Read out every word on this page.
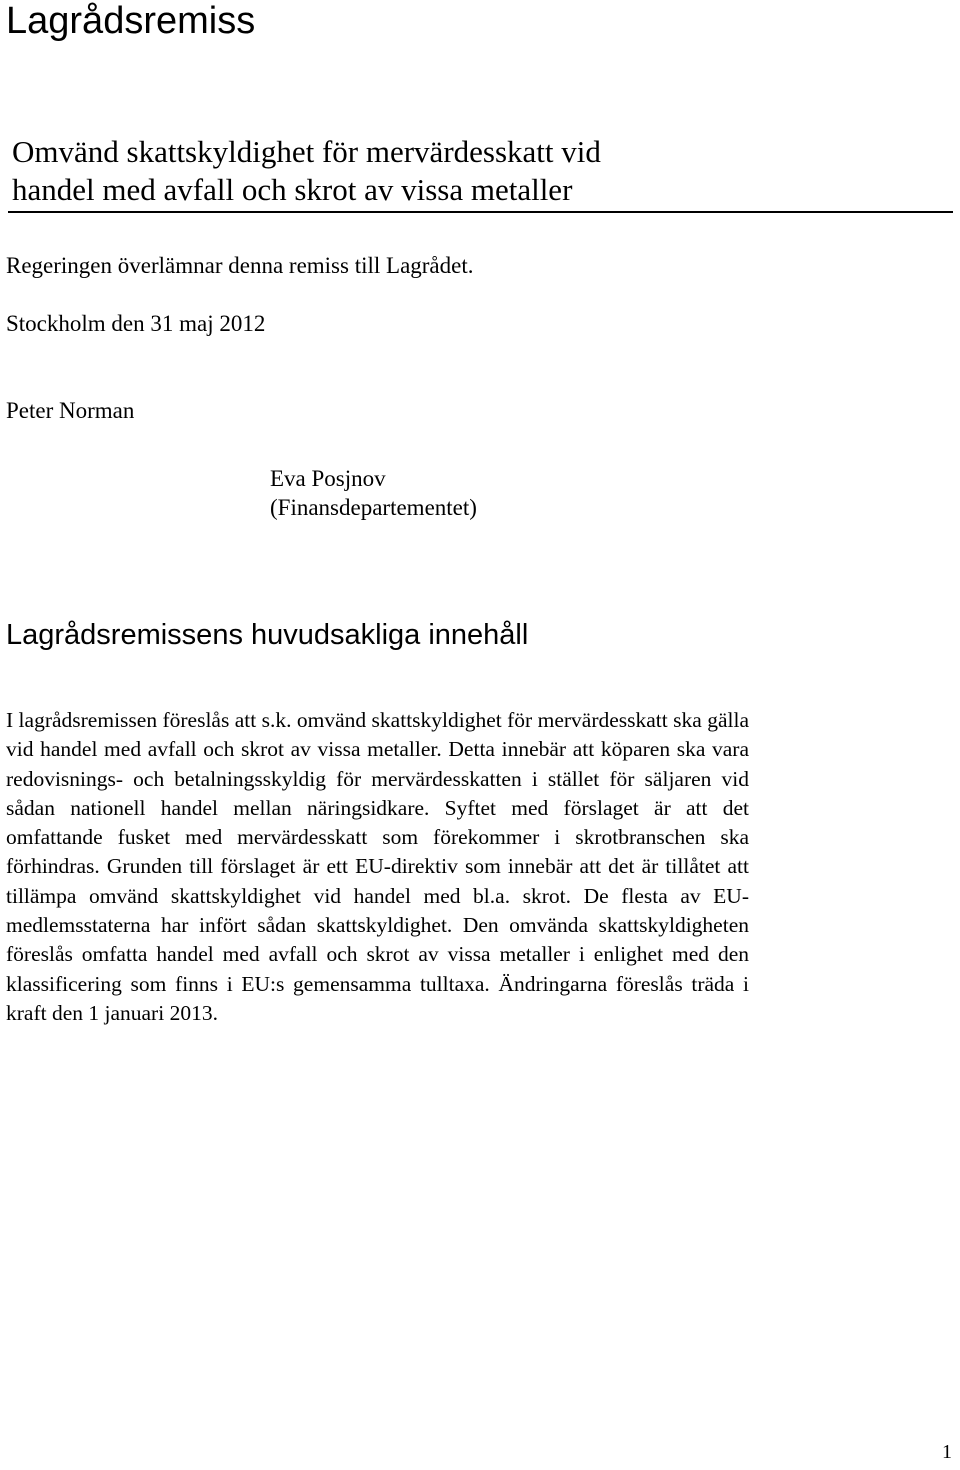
Lagrådsremiss
Omvänd skattskyldighet för mervärdesskatt vid
handel med avfall och skrot av vissa metaller

Regeringen överlämnar denna remiss till Lagrådet.

Stockholm den 31 maj 2012

Peter Norman

Eva Posjnov

(Finansdepartementet)

Lagrådsremissens huvudsakliga innehåll

I lagrådsremissen föreslås att s.k. omvänd skattskyldighet för mervärdesskatt ska gälla vid handel med avfall och skrot av vissa metaller. Detta innebär att köparen ska vara redovisnings- och betalningsskyldig för mervärdesskatten i stället för säljaren vid sådan nationell handel mellan näringsidkare. Syftet med förslaget är att det omfattande fusket med mervärdesskatt som förekommer i skrotbranschen ska förhindras. Grunden till förslaget är ett EU-direktiv som innebär att det är tillåtet att tillämpa omvänd skattskyldighet vid handel med bl.a. skrot. De flesta av EU-medlemsstaterna har infört sådan skattskyldighet. Den omvända skattskyldigheten föreslås omfatta handel med avfall och skrot av vissa metaller i enlighet med den klassificering som finns i EU:s gemensamma tulltaxa. Ändringarna föreslås träda i kraft den 1 januari 2013.

1
